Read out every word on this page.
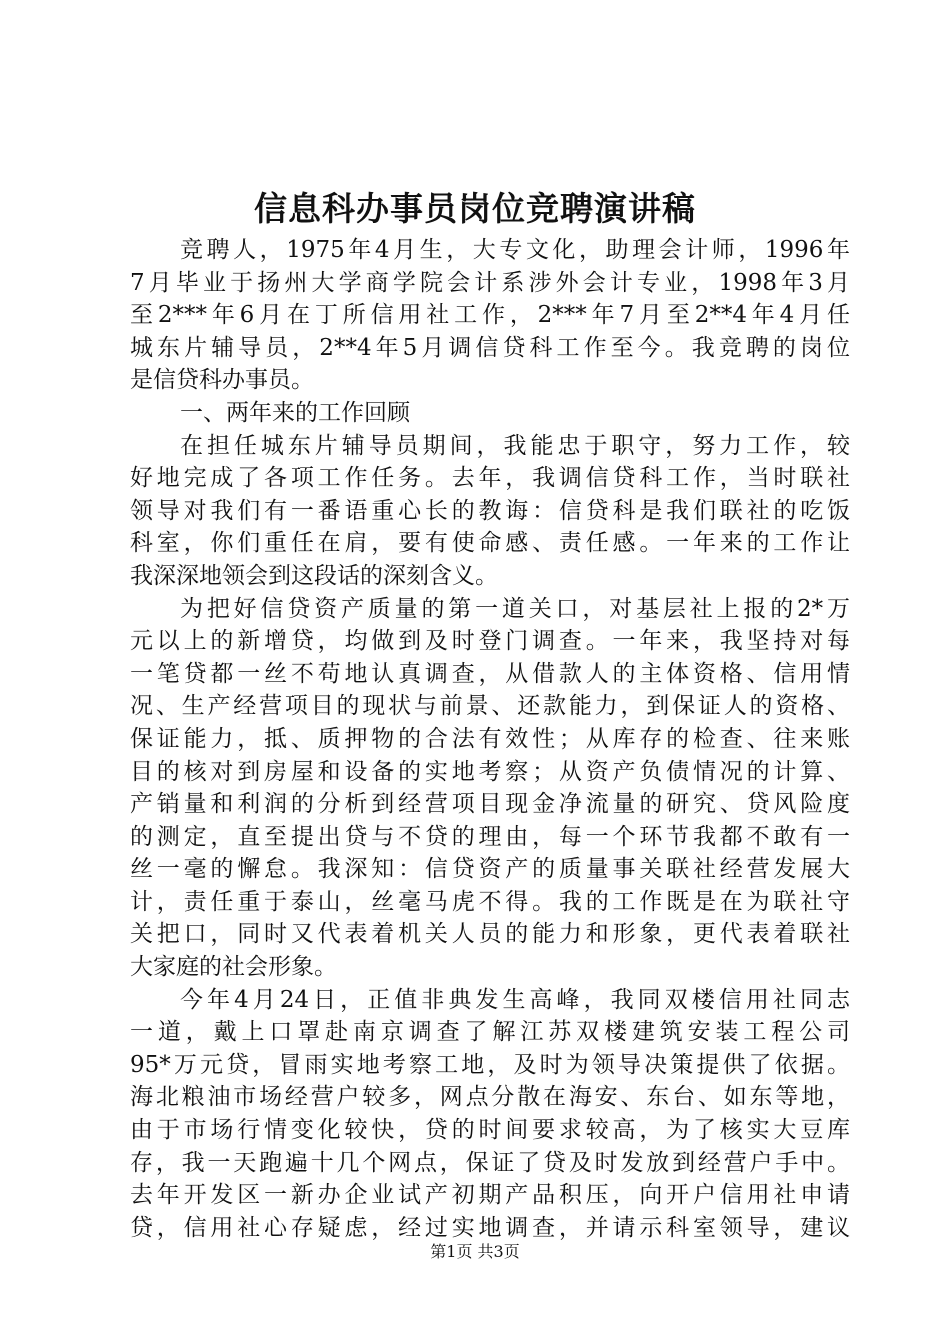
信息科办事员岗位竞聘演讲稿
竞聘人，1975年4月生，大专文化，助理会计师，1996年
7月毕业于扬州大学商学院会计系涉外会计专业，1998年3月
至2***年6月在丁所信用社工作，2***年7月至2**4年4月任
城东片辅导员，2**4年5月调信贷科工作至今。我竞聘的岗位
是信贷科办事员。
一、两年来的工作回顾
在担任城东片辅导员期间，我能忠于职守，努力工作，较
好地完成了各项工作任务。去年，我调信贷科工作，当时联社
领导对我们有一番语重心长的教诲：信贷科是我们联社的吃饭
科室，你们重任在肩，要有使命感、责任感。一年来的工作让
我深深地领会到这段话的深刻含义。
为把好信贷资产质量的第一道关口，对基层社上报的2*万
元以上的新增贷，均做到及时登门调查。一年来，我坚持对每
一笔贷都一丝不苟地认真调查，从借款人的主体资格、信用情
况、生产经营项目的现状与前景、还款能力，到保证人的资格、
保证能力，抵、质押物的合法有效性；从库存的检查、往来账
目的核对到房屋和设备的实地考察；从资产负债情况的计算、
产销量和利润的分析到经营项目现金净流量的研究、贷风险度
的测定，直至提出贷与不贷的理由，每一个环节我都不敢有一
丝一毫的懈怠。我深知：信贷资产的质量事关联社经营发展大
计，责任重于泰山，丝毫马虎不得。我的工作既是在为联社守
关把口，同时又代表着机关人员的能力和形象，更代表着联社
大家庭的社会形象。
今年4月24日，正值非典发生高峰，我同双楼信用社同志
一道，戴上口罩赴南京调查了解江苏双楼建筑安装工程公司
95*万元贷，冒雨实地考察工地，及时为领导决策提供了依据。
海北粮油市场经营户较多，网点分散在海安、东台、如东等地，
由于市场行情变化较快，贷的时间要求较高，为了核实大豆库
存，我一天跑遍十几个网点，保证了贷及时发放到经营户手中。
去年开发区一新办企业试产初期产品积压，向开户信用社申请
贷，信用社心存疑虑，经过实地调查，并请示科室领导，建议
第1页 共3页
